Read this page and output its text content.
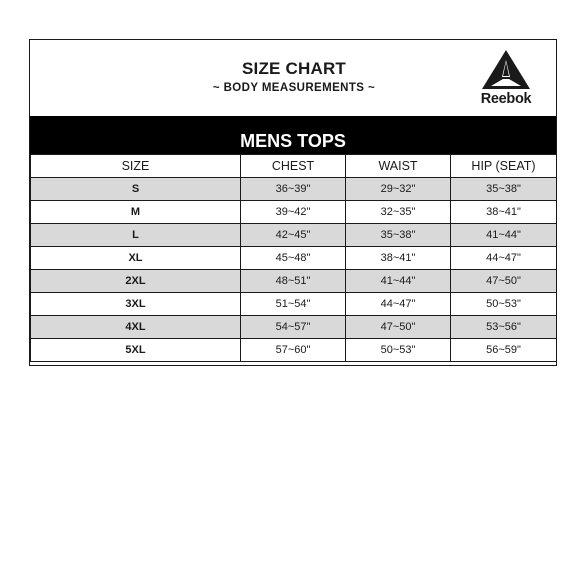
SIZE CHART
~ BODY MEASUREMENTS ~
Reebok
MENS TOPS
SIZE	CHEST	WAIST	HIP (SEAT)
S	36~39"	29~32"	35~38"
M	39~42"	32~35"	38~41"
L	42~45"	35~38"	41~44"
XL	45~48"	38~41"	44~47"
2XL	48~51"	41~44"	47~50"
3XL	51~54"	44~47"	50~53"
4XL	54~57"	47~50"	53~56"
5XL	57~60"	50~53"	56~59"
